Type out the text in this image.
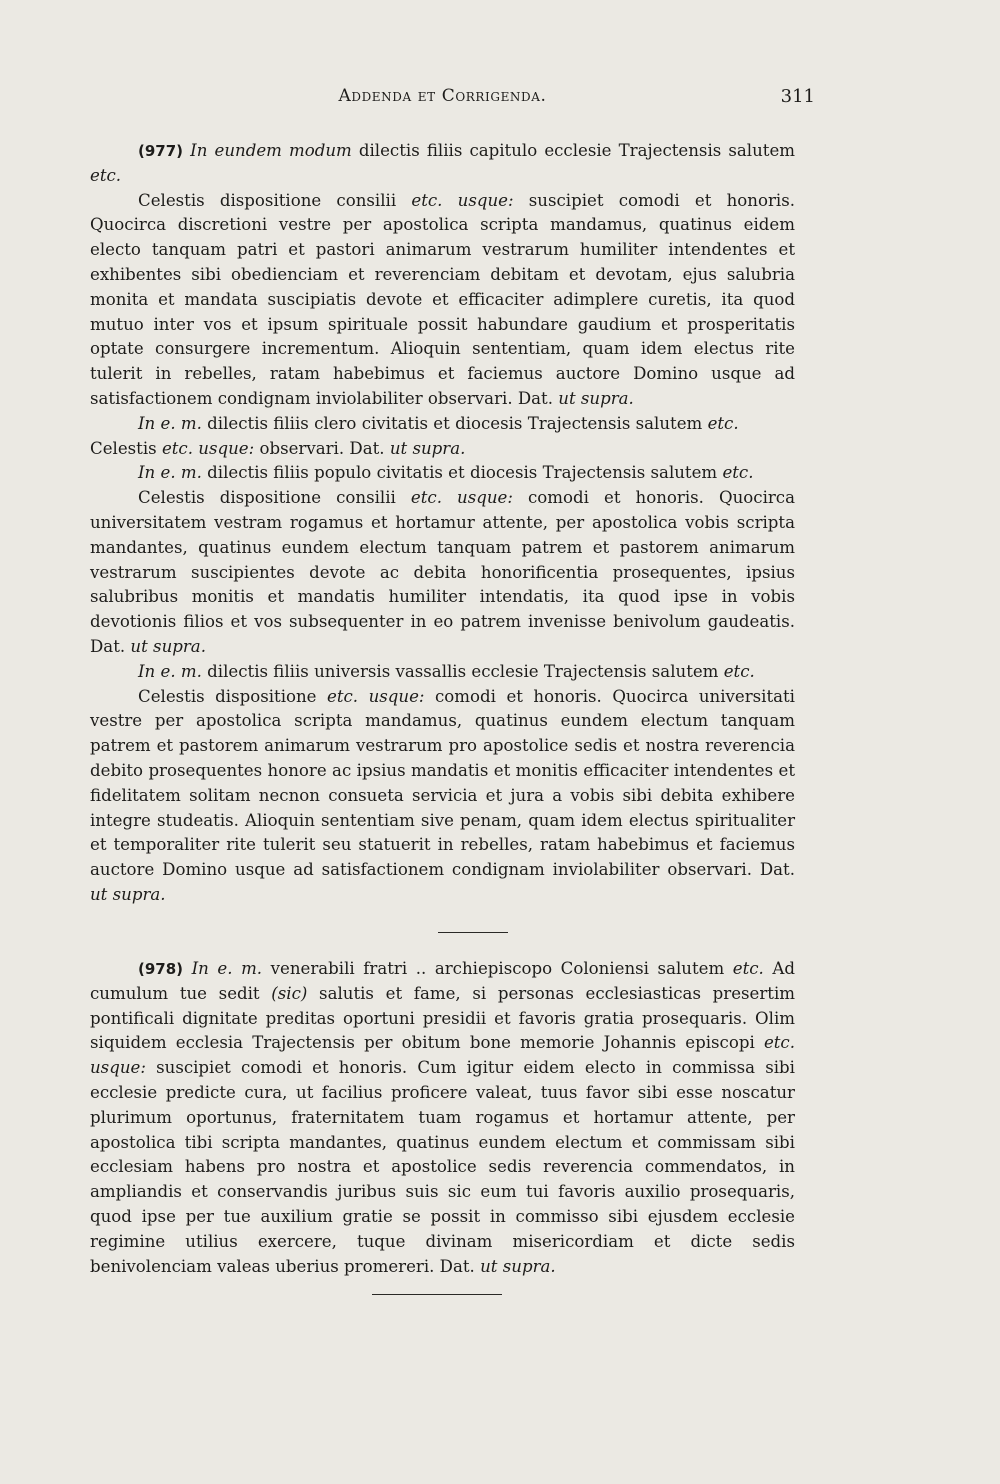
Addenda et Corrigenda.	311

(977) In eundem modum dilectis filiis capitulo ecclesie Trajectensis salutem etc.

Celestis dispositione consilii etc. usque: suscipiet comodi et honoris. Quocirca discretioni vestre per apostolica scripta mandamus, quatinus eidem electo tanquam patri et pastori animarum vestrarum humiliter intendentes et exhibentes sibi obedienciam et reverenciam debitam et devotam, ejus salubria monita et mandata suscipiatis devote et efficaciter adimplere curetis, ita quod mutuo inter vos et ipsum spirituale possit habundare gaudium et prosperitatis optate consurgere incrementum. Alioquin sententiam, quam idem electus rite tulerit in rebelles, ratam habebimus et faciemus auctore Domino usque ad satisfactionem condignam inviolabiliter observari. Dat. ut supra.

In e. m. dilectis filiis clero civitatis et diocesis Trajectensis salutem etc.

Celestis etc. usque: observari. Dat. ut supra.

In e. m. dilectis filiis populo civitatis et diocesis Trajectensis salutem etc.

Celestis dispositione consilii etc. usque: comodi et honoris. Quocirca universitatem vestram rogamus et hortamur attente, per apostolica vobis scripta mandantes, quatinus eundem electum tanquam patrem et pastorem animarum vestrarum suscipientes devote ac debita honorificentia prosequentes, ipsius salubribus monitis et mandatis humiliter intendatis, ita quod ipse in vobis devotionis filios et vos subsequenter in eo patrem invenisse benivolum gaudeatis. Dat. ut supra.

In e. m. dilectis filiis universis vassallis ecclesie Trajectensis salutem etc.

Celestis dispositione etc. usque: comodi et honoris. Quocirca universitati vestre per apostolica scripta mandamus, quatinus eundem electum tanquam patrem et pastorem animarum vestrarum pro apostolice sedis et nostra reverencia debito prosequentes honore ac ipsius mandatis et monitis efficaciter intendentes et fidelitatem solitam necnon consueta servicia et jura a vobis sibi debita exhibere integre studeatis. Alioquin sententiam sive penam, quam idem electus spiritualiter et temporaliter rite tulerit seu statuerit in rebelles, ratam habebimus et faciemus auctore Domino usque ad satisfactionem condignam inviolabiliter observari. Dat. ut supra.

(978) In e. m. venerabili fratri .. archiepiscopo Coloniensi salutem etc. Ad cumulum tue sedit (sic) salutis et fame, si personas ecclesiasticas presertim pontificali dignitate preditas oportuni presidii et favoris gratia prosequaris. Olim siquidem ecclesia Trajectensis per obitum bone memorie Johannis episcopi etc. usque: suscipiet comodi et honoris. Cum igitur eidem electo in commissa sibi ecclesie predicte cura, ut facilius proficere valeat, tuus favor sibi esse noscatur plurimum oportunus, fraternitatem tuam rogamus et hortamur attente, per apostolica tibi scripta mandantes, quatinus eundem electum et commissam sibi ecclesiam habens pro nostra et apostolice sedis reverencia commendatos, in ampliandis et conservandis juribus suis sic eum tui favoris auxilio prosequaris, quod ipse per tue auxilium gratie se possit in commisso sibi ejusdem ecclesie regimine utilius exercere, tuque divinam misericordiam et dicte sedis benivolenciam valeas uberius promereri. Dat. ut supra.
